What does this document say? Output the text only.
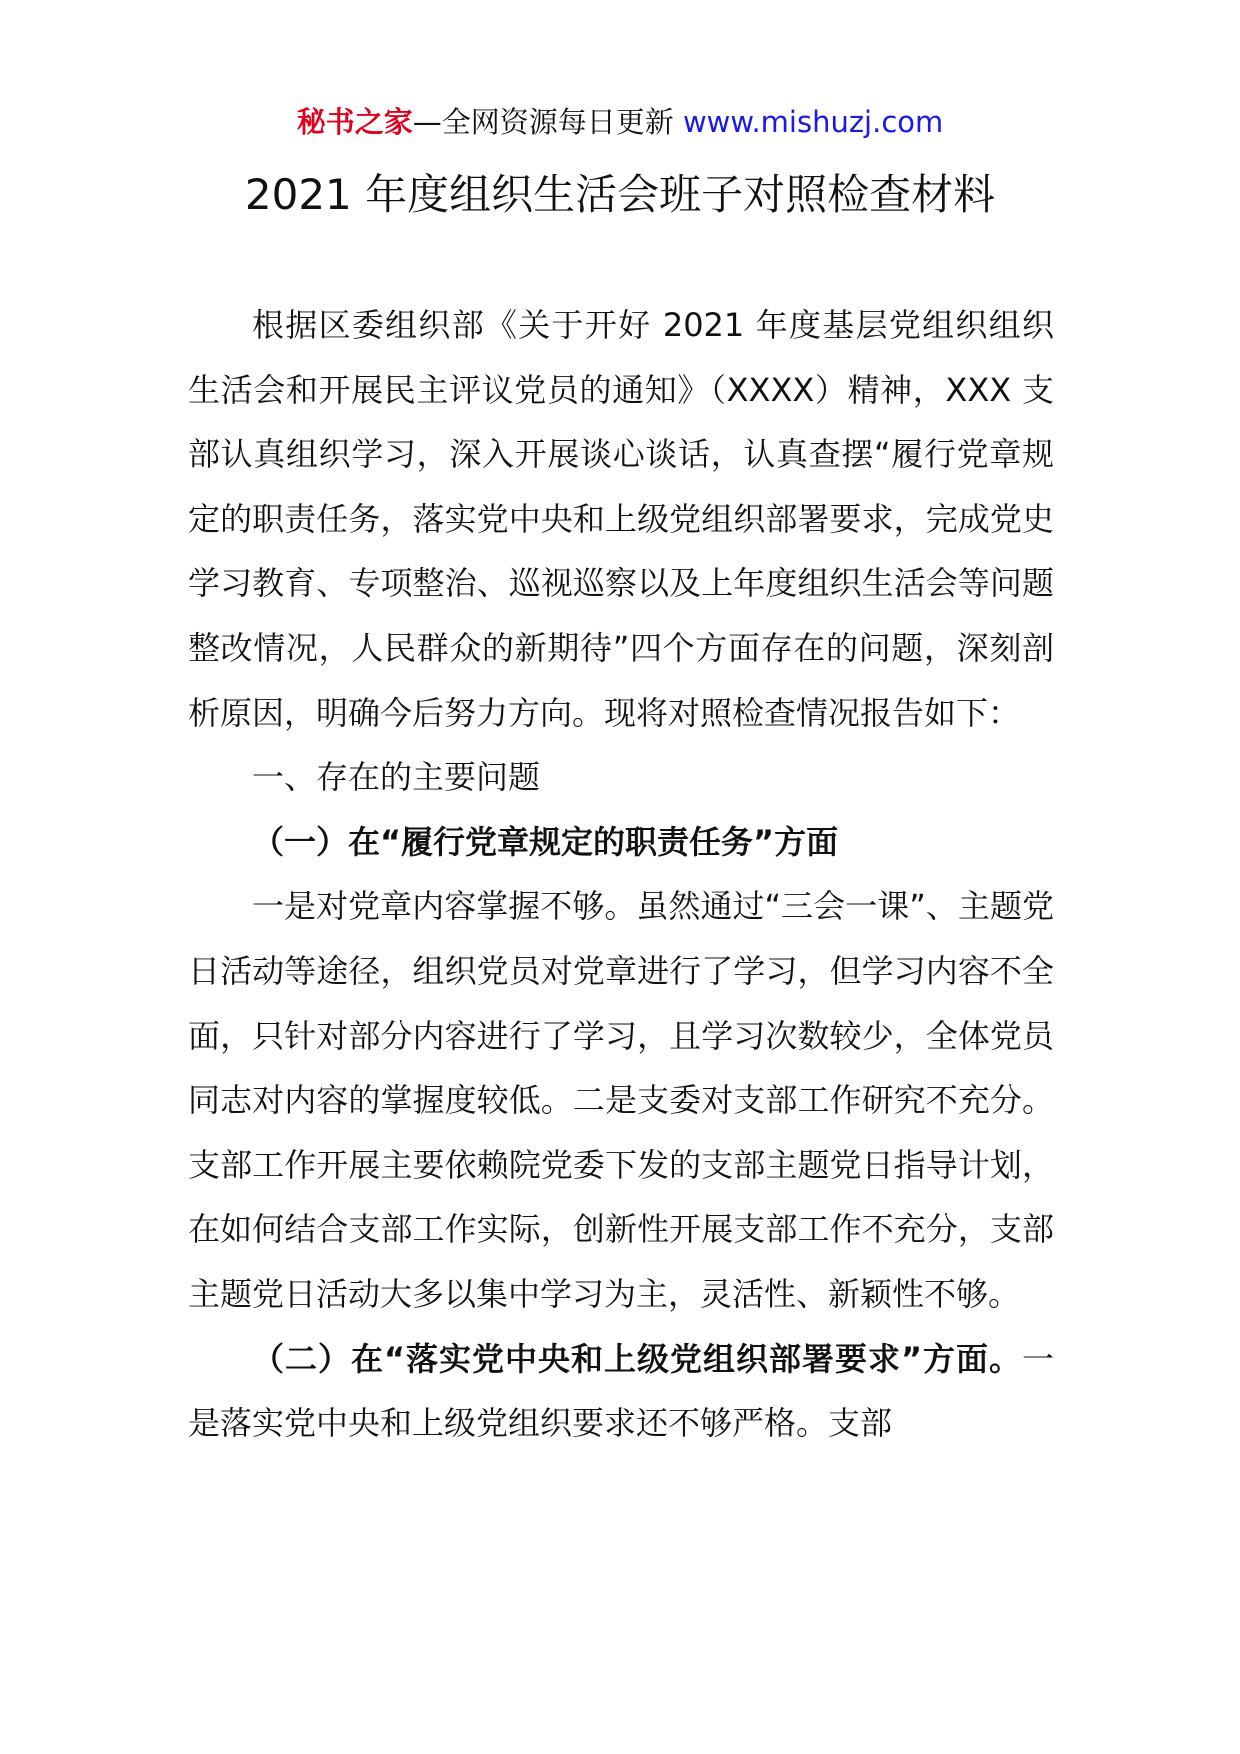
秘书之家—全网资源每日更新 www.mishuzj.com
2021 年度组织生活会班子对照检查材料

根据区委组织部《关于开好 2021 年度基层党组织组织生活会和开展民主评议党员的通知》（XXXX）精神，XXX 支部认真组织学习，深入开展谈心谈话，认真查摆“履行党章规定的职责任务，落实党中央和上级党组织部署要求，完成党史学习教育、专项整治、巡视巡察以及上年度组织生活会等问题整改情况，人民群众的新期待”四个方面存在的问题，深刻剖析原因，明确今后努力方向。现将对照检查情况报告如下：

一、存在的主要问题

（一）在“履行党章规定的职责任务”方面

一是对党章内容掌握不够。虽然通过“三会一课”、主题党日活动等途径，组织党员对党章进行了学习，但学习内容不全面，只针对部分内容进行了学习，且学习次数较少，全体党员同志对内容的掌握度较低。二是支委对支部工作研究不充分。支部工作开展主要依赖院党委下发的支部主题党日指导计划，在如何结合支部工作实际，创新性开展支部工作不充分，支部主题党日活动大多以集中学习为主，灵活性、新颖性不够。

（二）在“落实党中央和上级党组织部署要求”方面。一是落实党中央和上级党组织要求还不够严格。支部
